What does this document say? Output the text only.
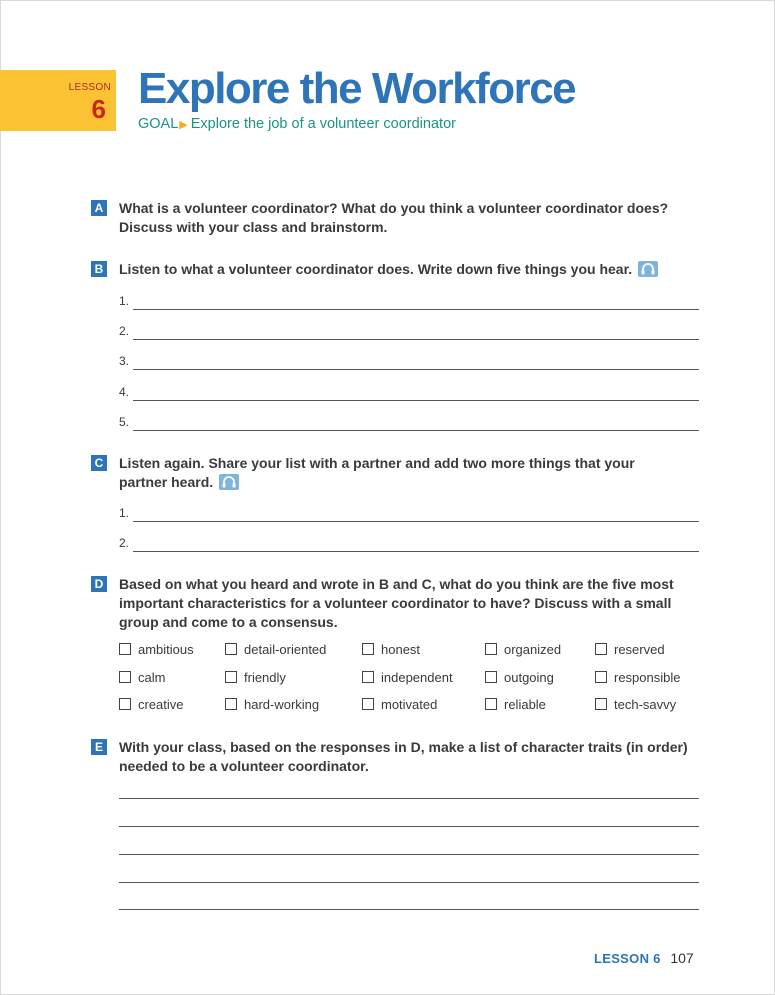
LESSON
6 Explore the Workforce
GOAL▶ Explore the job of a volunteer coordinator
A What is a volunteer coordinator? What do you think a volunteer coordinator does? Discuss with your class and brainstorm.
B Listen to what a volunteer coordinator does. Write down five things you hear.
1.
2.
3.
4.
5.
C Listen again. Share your list with a partner and add two more things that your partner heard.
1.
2.
D Based on what you heard and wrote in B and C, what do you think are the five most important characteristics for a volunteer coordinator to have? Discuss with a small group and come to a consensus.
ambitious	detail-oriented	honest	organized	reserved
calm	friendly	independent	outgoing	responsible
creative	hard-working	motivated	reliable	tech-savvy
E With your class, based on the responses in D, make a list of character traits (in order) needed to be a volunteer coordinator.
LESSON 6 107
